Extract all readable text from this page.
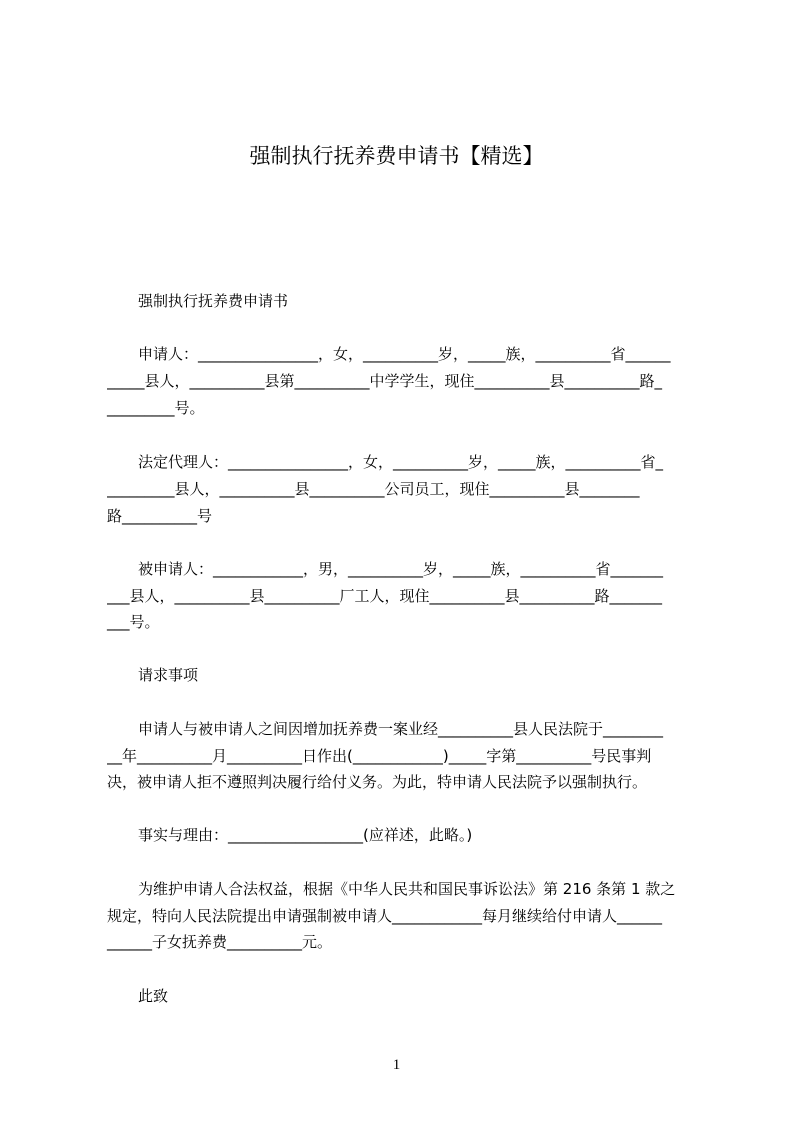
强制执行抚养费申请书【精选】
强制执行抚养费申请书
申请人：________________，女，__________岁，_____族，__________省______
_____县人，__________县第__________中学学生，现住__________县__________路_
_________号。
法定代理人：________________，女，__________岁，_____族，__________省_
_________县人，__________县__________公司员工，现住__________县________
路__________号
被申请人：____________，男，__________岁，_____族，__________省_______
___县人，__________县__________厂工人，现住__________县__________路_______
___号。
请求事项
申请人与被申请人之间因增加抚养费一案业经__________县人民法院于________
__年__________月__________日作出(____________)_____字第__________号民事判
决，被申请人拒不遵照判决履行给付义务。为此，特申请人民法院予以强制执行。
事实与理由：__________________(应祥述，此略。)
为维护申请人合法权益，根据《中华人民共和国民事诉讼法》第 216 条第 1 款之
规定，特向人民法院提出申请强制被申请人____________每月继续给付申请人______
______子女抚养费__________元。
此致
1
